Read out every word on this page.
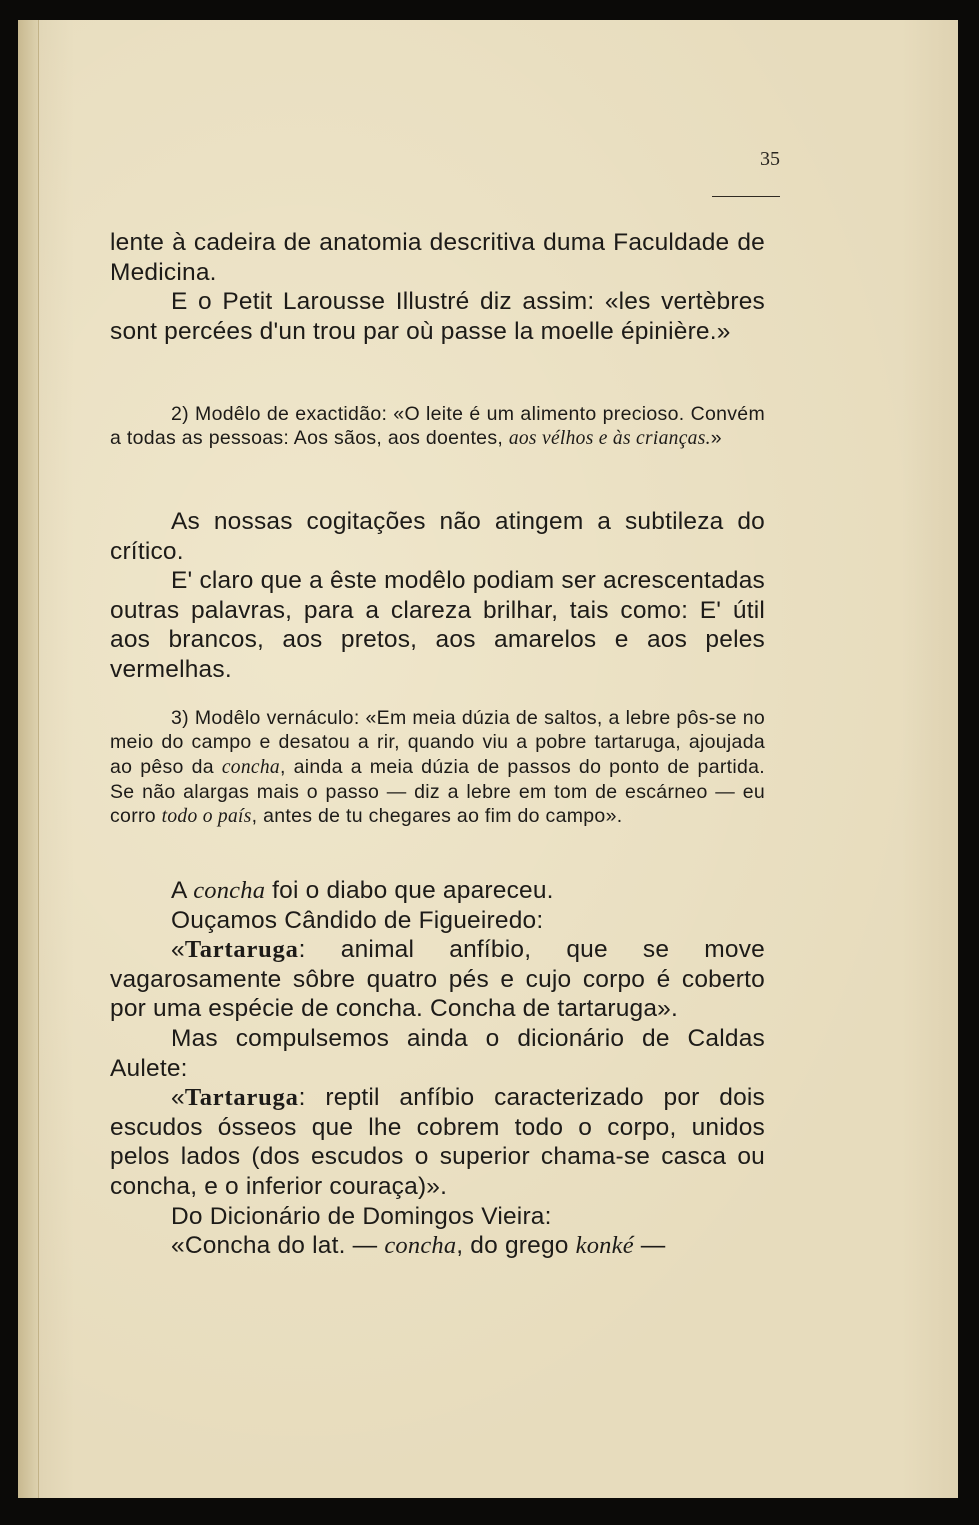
35

lente à cadeira de anatomia descritiva duma Faculdade de Medicina.

E o Petit Larousse Illustré diz assim: «les vertèbres sont percées d'un trou par où passe la moelle épinière.»

2) Modêlo de exactidão: «O leite é um alimento precioso. Convém a todas as pessoas: Aos sãos, aos doentes, aos vélhos e às crianças.»

As nossas cogitações não atingem a subtileza do crítico.

E' claro que a êste modêlo podiam ser acrescentadas outras palavras, para a clareza brilhar, tais como: E' útil aos brancos, aos pretos, aos amarelos e aos peles vermelhas.

3) Modêlo vernáculo: «Em meia dúzia de saltos, a lebre pôs-se no meio do campo e desatou a rir, quando viu a pobre tartaruga, ajoujada ao pêso da concha, ainda a meia dúzia de passos do ponto de partida. Se não alargas mais o passo — diz a lebre em tom de escárneo — eu corro todo o país, antes de tu chegares ao fim do campo».

A concha foi o diabo que apareceu.

Ouçamos Cândido de Figueiredo:

«Tartaruga: animal anfíbio, que se move vagarosamente sôbre quatro pés e cujo corpo é coberto por uma espécie de concha. Concha de tartaruga».

Mas compulsemos ainda o dicionário de Caldas Aulete:

«Tartaruga: reptil anfíbio caracterizado por dois escudos ósseos que lhe cobrem todo o corpo, unidos pelos lados (dos escudos o superior chama-se casca ou concha, e o inferior couraça)».

Do Dicionário de Domingos Vieira:

«Concha do lat. — concha, do grego konké —
